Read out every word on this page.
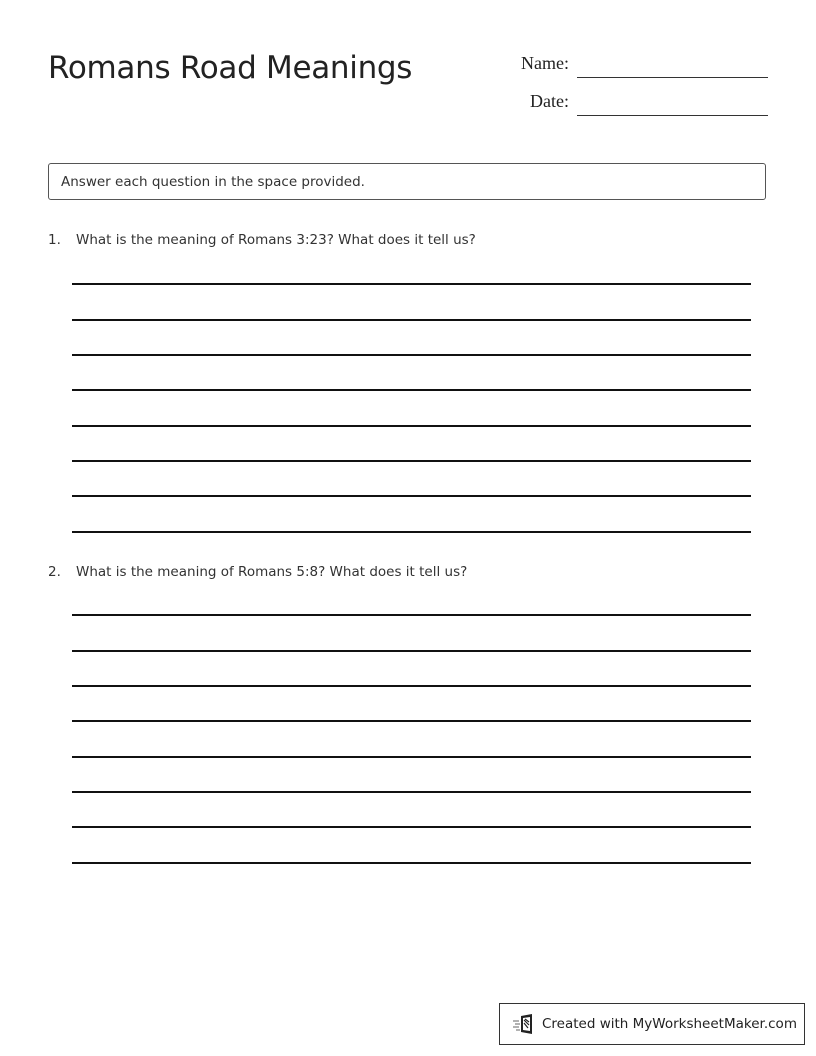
Romans Road Meanings	Name:
Date:
Answer each question in the space provided.
1.	What is the meaning of Romans 3:23? What does it tell us?
2.	What is the meaning of Romans 5:8? What does it tell us?
Created with MyWorksheetMaker.com
